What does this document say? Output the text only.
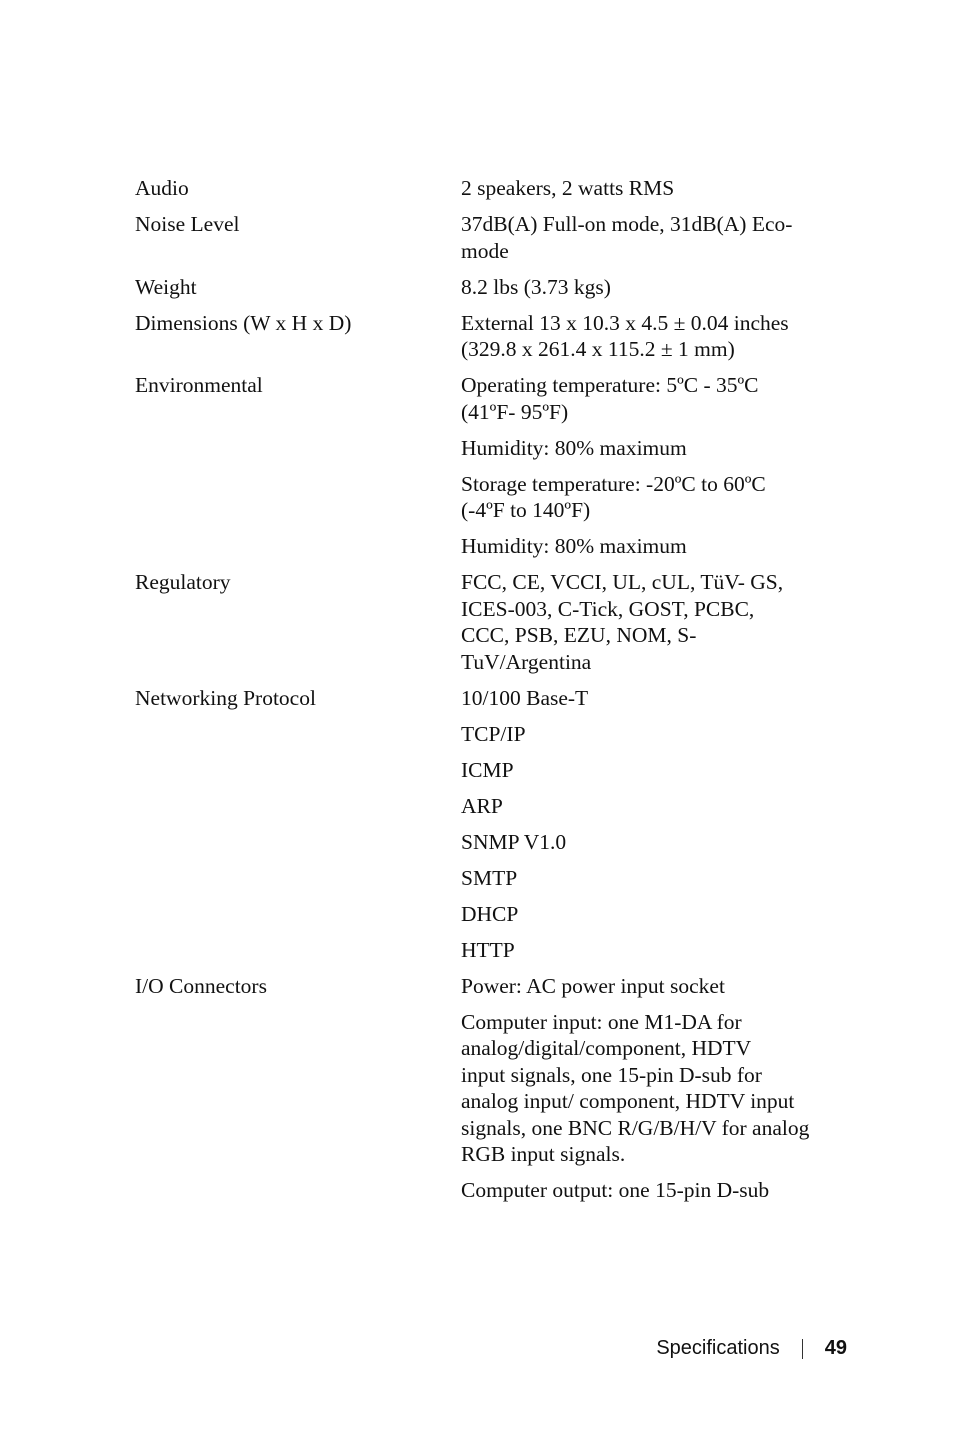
Audio	2 speakers, 2 watts RMS
Noise Level	37dB(A) Full-on mode, 31dB(A) Eco-
mode
Weight	8.2 lbs (3.73 kgs)
Dimensions (W x H x D)	External 13 x 10.3 x 4.5 ± 0.04 inches
(329.8 x 261.4 x 115.2 ± 1 mm)
Environmental	Operating temperature: 5ºC - 35ºC
(41ºF- 95ºF)
Humidity: 80% maximum
Storage temperature: -20ºC to 60ºC
(-4ºF to 140ºF)
Humidity: 80% maximum
Regulatory	FCC, CE, VCCI, UL, cUL, TüV- GS,
ICES-003, C-Tick, GOST, PCBC,
CCC, PSB, EZU, NOM, S-
TuV/Argentina
Networking Protocol	10/100 Base-T
TCP/IP
ICMP
ARP
SNMP V1.0
SMTP
DHCP
HTTP
I/O Connectors	Power: AC power input socket
Computer input: one M1-DA for
analog/digital/component, HDTV
input signals, one 15-pin D-sub for
analog input/ component, HDTV input
signals, one BNC R/G/B/H/V for analog
RGB input signals.
Computer output: one 15-pin D-sub
Specifications 49
